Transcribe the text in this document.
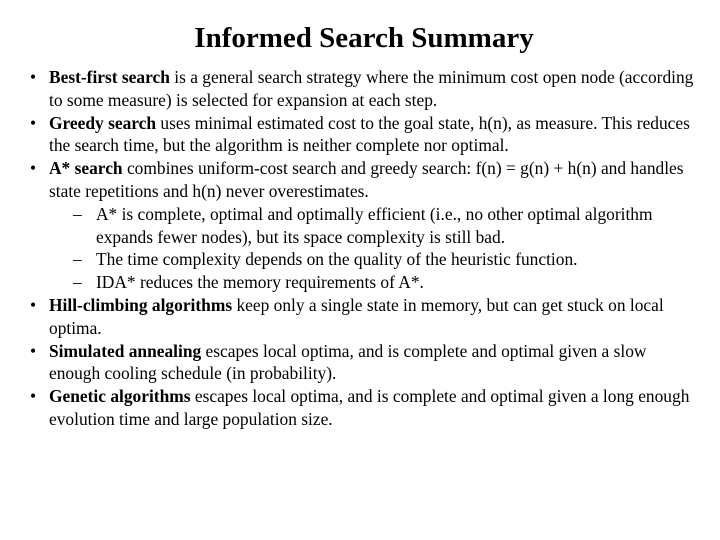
Informed Search Summary
• Best-first search is a general search strategy where the minimum cost open node (according to some measure) is selected for expansion at each step.
• Greedy search uses minimal estimated cost to the goal state, h(n), as measure. This reduces the search time, but the algorithm is neither complete nor optimal.
• A* search combines uniform-cost search and greedy search: f(n) = g(n) + h(n) and handles state repetitions and h(n) never overestimates.
– A* is complete, optimal and optimally efficient (i.e., no other optimal algorithm expands fewer nodes), but its space complexity is still bad.
– The time complexity depends on the quality of the heuristic function.
– IDA* reduces the memory requirements of A*.
• Hill-climbing algorithms keep only a single state in memory, but can get stuck on local optima.
• Simulated annealing escapes local optima, and is complete and optimal given a slow enough cooling schedule (in probability).
• Genetic algorithms escapes local optima, and is complete and optimal given a long enough evolution time and large population size.
